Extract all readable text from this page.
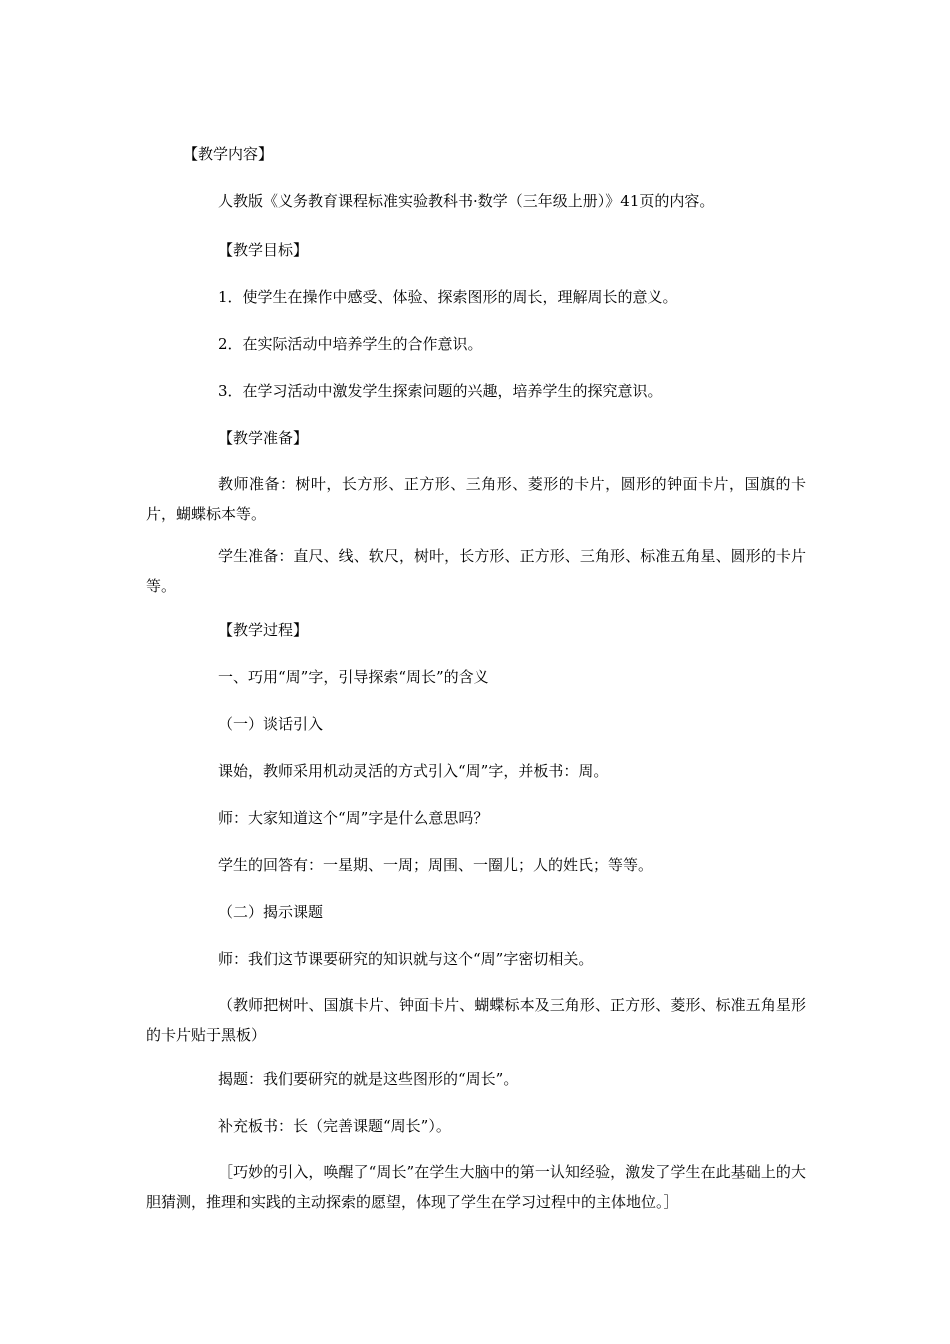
【教学内容】
人教版《义务教育课程标准实验教科书·数学（三年级上册）》41页的内容。
【教学目标】
1．使学生在操作中感受、体验、探索图形的周长，理解周长的意义。
2．在实际活动中培养学生的合作意识。
3．在学习活动中激发学生探索问题的兴趣，培养学生的探究意识。
【教学准备】
教师准备：树叶，长方形、正方形、三角形、菱形的卡片，圆形的钟面卡片，国旗的卡片，蝴蝶标本等。
学生准备：直尺、线、软尺，树叶，长方形、正方形、三角形、标准五角星、圆形的卡片等。
【教学过程】
一、巧用“周”字，引导探索“周长”的含义
（一）谈话引入
课始，教师采用机动灵活的方式引入“周”字，并板书：周。
师：大家知道这个“周”字是什么意思吗？
学生的回答有：一星期、一周；周围、一圈儿；人的姓氏；等等。
（二）揭示课题
师：我们这节课要研究的知识就与这个“周”字密切相关。
（教师把树叶、国旗卡片、钟面卡片、蝴蝶标本及三角形、正方形、菱形、标准五角星形的卡片贴于黑板）
揭题：我们要研究的就是这些图形的“周长”。
补充板书：长（完善课题“周长”）。
［巧妙的引入，唤醒了“周长”在学生大脑中的第一认知经验，激发了学生在此基础上的大胆猜测，推理和实践的主动探索的愿望，体现了学生在学习过程中的主体地位。］
